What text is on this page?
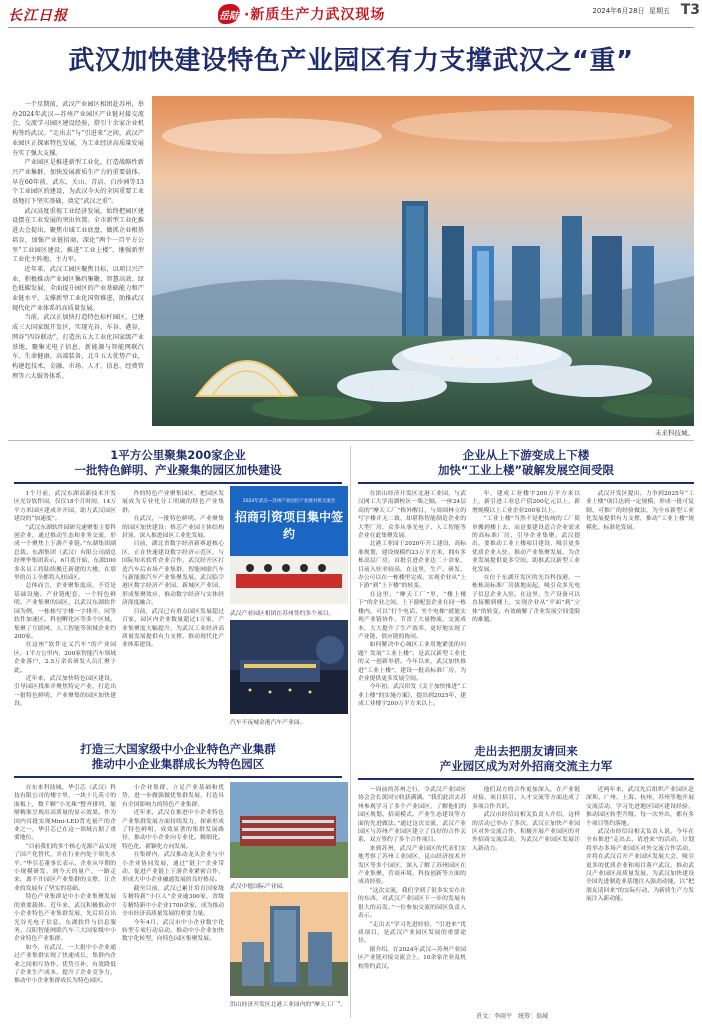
长江日报	岳陆 ·新质生产力武汉现场	2024年6月28日 星期五 T3
武汉加快建设特色产业园区有力支撑武汉之“重”

一个星期前，武汉产业园区相团赴苏州，举办2024年武汉—苏州产业园区产业链对接交流会，交流学习园区建设经验，搭引十余家企业机构签约武汉。“走出去”与“引进来”之间，武汉产业园区正探索特色发展，为工业经济高质量发展夯实了强大支撑。

产业园区是推进新型工业化，打造战略性新兴产业集群、加快发展新质生产力的重要载体。早在60年前，武东、关山、青店、白沙洲等13个工业园区的建设，为武汉今天的全国重要工业基地打下坚实基础，奠定“武汉之重”。

武汉高度重视工业经济发展，始终把园区建设摆在工业发展的突出位置。全市新型工业化推进大会提出，聚焦市域工业底盘，做抓企业根基培育，加强产业链招商，深化“两个一百平方公里”工业园区建设，推进“工业上楼”，继强新型工业化主阵地、主力军。

近年来，武汉工园区聚焦目标，以项目兴产业，积极推动产业园区集约集聚、智慧高效、绿色低碳发展，全面提升园区的产业基础能力和产业链水平，支撑新型工业化国资推进，助推武汉现代化产业体系的高质量发展。

当前，武汉正加快打造特色标杆园区，已建成三大国家级开发区，实现光谷、车谷、港谷、网谷“四谷联动”，打造出五大工业化国家级产业基地，聚集光电子信息、新能源与智能网联汽车、生命健康、高端装备、北斗五大优势产业，构建起技术、金融、市场、人才、信息、经费管理等六大服务体系。

未来科技城。
1平方公里聚集200家企业
一批特色鲜明、产业聚集的园区加快建设

1个月前，武汉东湖高新技术开发区光谷软件园，仅仅18个月时间，14万平方米园区建成并开园，助力武汉园区建设的“加速度”。

“武汉东湖软件园研究速聚集主要科创企业，通过推动生态和业务交流，形成一个聚焦上下游产业链。”东湖集团副总裁、东湖集团（武汉）有限公司副总经理李集团表示，6月底开始，东湖300多名员工将陆续搬迁新建的大楼，在那里的员工全都将入驻园区。

总体而言，企业聚集度高，不管是基础设施、产业链配套，一个特色鲜明、产业集聚的园区，以武汉东湖软件园为例，一栋栋写字楼一字排开，同等软件加速区、科创孵化区等多个区域，集聚了互联网、人工智能等领域企业约200家。

在这座“软件定义汽车”的产业园区，1平方公里内，200家智能汽车领域企业落户，2.5万余名研发人员汇聚于此。

近年来，武汉加快特色园区建设，引导园区找准并聚焦特定产业，打造出一批特色鲜明、产业聚集的园区加快建设。

作的特色产业聚集园区，把园区发展成为专业化分工明确的特色产业集群。

在武汉，一批特色鲜明、产业聚集的园区加快建设：格芯产业园主体结构封顶，深入推进园区工业化发展。

目前，湖北省数字经济新赛道核心区，正在快速建设数字经济示范区，与国际知名软件企业合作。武汉经开区打造汽车后市场产业集群，智能网联汽车与新能源汽车产业集聚发展。武汉临空港区数字经济产业园、新城区产业园，形成集聚效应，推动数字经济与实体经济深度融合。

目前，武汉已有重点园区发展超过百家，园区内企业数量超过1万家，产业集聚度大幅提升，为武汉工业经济高质量发展提供有力支撑，推动现代化产业体系建设。

2024年武汉—苏州产业园区产业链对接交流会
招商引资项目集中签约
武汉产业园区相团在苏州签约多个项目。
汽车不夜城金港汽车产业园。
打造三大国家级中小企业特色产业集群
推动中小企业集群成长为特色园区

在东来科技城，华引芯（武汉）科技有限公司的楼宇里，一块十几英寸的面板上，数千颗“小光珠”整齐排列，能够精准呈现出高质量的显示效果。作为国内首批实现Mini-LED背光量产的企业之一，华引芯已在这一领域占据了重要地位。

“目前我们的多个核心光源产品实现了国产化替代，并在行业内处于领先水平。”华引芯董事长表示，企业从早期的小规模研发，到今天的量产，一路走来，离不开园区产业集群的支撑，让企业的发展有了坚实的基础。

特色产业集群是中小企业集聚发展的重要载体。近年来，武汉积极推动中小企业特色产业集群发展，先后培育出光谷光电子信息、东湖软件与信息服务、汉阳智能网联汽车三大国家级中小企业特色产业集群。

如今，在武汉，一大批中小企业通过产业集群实现了快速成长，集群内企业之间相互协作、优势互补，有效降低了企业生产成本，提升了企业竞争力，推动中小企业集群成长为特色园区。

小企业集群，立足产业基础和优势，进一步做强做优集群发展，打造具有全国影响力的特色产业集群。

近年来，武汉在推进中小企业特色产业集群发展方面持续发力，探索形成了特色鲜明、成效显著的集群发展路径，推动中小企业向专业化、精细化、特色化、新颖化方向发展。

在集群内，武汉推动龙头企业与中小企业协同发展，通过“链主”企业带动，促进产业链上下游企业紧密合作，形成大中小企业融通发展的良好格局。

截至目前，武汉已累计培育国家级专精特新“小巨人”企业逾300家，省级专精特新中小企业1700余家，成为推动全市经济高质量发展的重要力量。

今年4月，武汉市中小企业数字化转型专项行动启动，推动中小企业加快数字化转型，向特色园区集聚发展。

武汉中德国际产业园。
洪山经济开发区北港工业园内的“摩天工厂”。
企业从上下游变成上下楼
加快“工业上楼”破解发展空间受限

在浓山经济开发区北港工业园，与武汉网工大学南湖校区一墙之隔，一座24层高的“摩天工厂”格外醒目，与周围林立的写字楼并无二致，却堪称智能制造企业的大型厂房，众多从事光电子、人工智能等企业在此集聚发展。

北港工业园于2020年开工建设，高标准规划，建设规模约23万平方米，拥有多栋高层厂房，首批引进企业达二十余家，目前入驻率较高。在这里，生产、研发、办公可以在一栋楼里完成，实现企业从“上下游”到“上下楼”的转变。

在这里，“摩天工厂”里，“楼上楼下”的企业之间，上下游配套企业在同一栋楼内，可以“打个电话、坐个电梯”就能实现产业链协作，节省了大量物流、交流成本，大大提升了生产效率，更好地实现了产业链、供应链的协同。

如何解决中心城区工业用地紧张的问题？发展“工业上楼”，是武汉新型工业化的又一创新举措。今年以来，武汉加快推进“工业上楼”，建设一批高标准厂房，为企业提供更多发展空间。

今年初，武汉印发《关于加快推进“工业上楼”的实施方案》，提出到2025年，建成工业楼宇200万平方米以上。

年，建成工业楼宇200万平方米以上，新引进工业总产值200亿元以上，新增规模以上工业企业200家以上。

“工业上楼”当然不是把传统的工厂简单搬到楼上去，而是要建设适合企业需求的高标准厂房，引导企业集聚。武汉提出，要推动工业上楼项目建设，吸引更多优质企业入驻，推动产业集聚发展，为企业发展提供更多空间，助推武汉新型工业化发展。

在位于东湖开发区的光谷科技港，一栋栋高标准厂房拔地而起，吸引众多光电子信息企业入驻。在这里，生产设备可以直接搬到楼上，实现企业从“平面”到“立体”的转变，有效破解了企业发展空间受限的难题。

武汉开发区提出，力争到2025年“工业上楼”项目达到一定规模，形成一批可复制、可推广的经验做法，为全市新型工业化发展提供有力支撑，推动“工业上楼”规模化、标准化发展。

走出去把朋友请回来
产业园区成为对外招商交流主力军

一周前的苏州之行，令武汉产业园区协会会长黄国宝收获满满。“我们此次去苏州参观学习了多个产业园区，了解他们的园区规划、招商模式、产业生态建设等方面的先进做法。”通过这次交流，武汉产业园区与苏州产业园区建立了良好的合作关系，双方签约了多个合作项目。

来到苏州，武汉产业园区的代表们实地考察了苏州工业园区、昆山经济技术开发区等多个园区，深入了解了苏州园区在产业集聚、营商环境、科技创新等方面的成功经验。

“这次交流，我们学到了很多实实在在的东西，对武汉产业园区下一步的发展有很大的启发。”一位参加交流的园区负责人表示。

“走出去”学习先进经验，“引进来”优质项目，是武汉产业园区发展的重要途径。

据介绍，在2024年武汉—苏州产业园区产业链对接交流会上，10余家企业及机构签约武汉。

他们双方的合作更加深入，在产业链对接、项目招引、人才交流等方面达成了多项合作共识。

武汉市经信局相关负责人介绍，这样的活动已举办了多次，武汉正加快产业园区对外交流合作，积极开展产业园区的对外招商交流活动，为武汉产业园区发展注入新动力。

近两年来，武汉先后组织产业园区赴深圳、广州、上海、杭州、苏州等地开展交流活动，学习先进地区园区建设经验，推动园区转型升级。每一次外出，都有多个项目签约落地。

武汉市经信局相关负责人说，今年在全市推进“走出去、请进来”的活动，计划将举办多场产业园区对外交流合作活动，并将在武汉召开产业园区发展大会，吸引更多的优质企业和项目落户武汉，推动武汉产业园区高质量发展，为武汉加快建设全国先进制造业基地注入强劲动能，以“把朋友请回来”的实际行动，为新质生产力发展注入新动能。

責文：李雨平　统筹：翁城
